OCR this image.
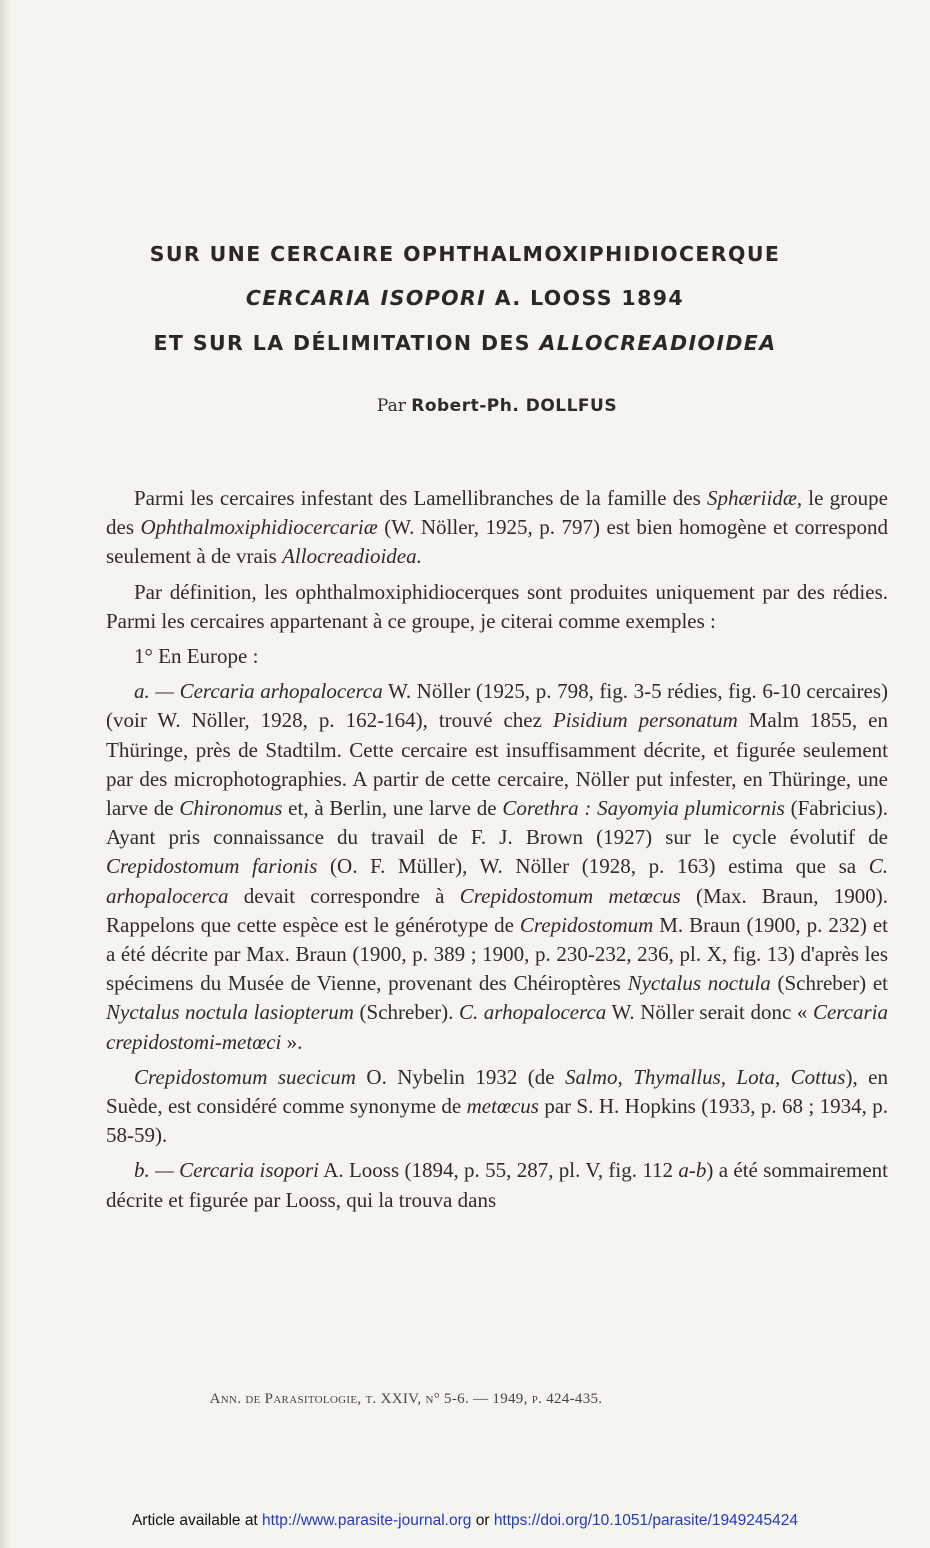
SUR UNE CERCAIRE OPHTHALMOXIPHIDIOCERQUE
CERCARIA ISOPORI A. LOOSS 1894
ET SUR LA DÉLIMITATION DES ALLOCREADIOIDEA
Par Robert-Ph. DOLLFUS

Parmi les cercaires infestant des Lamellibranches de la famille des Sphæriidæ, le groupe des Ophthalmoxiphidiocercariæ (W. Nöller, 1925, p. 797) est bien homogène et correspond seulement à de vrais Allocreadioidea.

Par définition, les ophthalmoxiphidiocerques sont produites uniquement par des rédies. Parmi les cercaires appartenant à ce groupe, je citerai comme exemples :

1° En Europe :

a. — Cercaria arhopalocerca W. Nöller (1925, p. 798, fig. 3-5 rédies, fig. 6-10 cercaires) (voir W. Nöller, 1928, p. 162-164), trouvé chez Pisidium personatum Malm 1855, en Thüringe, près de Stadtilm. Cette cercaire est insuffisamment décrite, et figurée seulement par des microphotographies. A partir de cette cercaire, Nöller put infester, en Thüringe, une larve de Chironomus et, à Berlin, une larve de Corethra : Sayomyia plumicornis (Fabricius). Ayant pris connaissance du travail de F. J. Brown (1927) sur le cycle évolutif de Crepidostomum farionis (O. F. Müller), W. Nöller (1928, p. 163) estima que sa C. arhopalocerca devait correspondre à Crepidostomum metœcus (Max. Braun, 1900). Rappelons que cette espèce est le générotype de Crepidostomum M. Braun (1900, p. 232) et a été décrite par Max. Braun (1900, p. 389 ; 1900, p. 230-232, 236, pl. X, fig. 13) d'après les spécimens du Musée de Vienne, provenant des Chéiroptères Nyctalus noctula (Schreber) et Nyctalus noctula lasiopterum (Schreber). C. arhopalocerca W. Nöller serait donc « Cercaria crepidostomi-metœci ».

Crepidostomum suecicum O. Nybelin 1932 (de Salmo, Thymallus, Lota, Cottus), en Suède, est considéré comme synonyme de metœcus par S. H. Hopkins (1933, p. 68 ; 1934, p. 58-59).

b. — Cercaria isopori A. Looss (1894, p. 55, 287, pl. V, fig. 112 a-b) a été sommairement décrite et figurée par Looss, qui la trouva dans

Ann. de Parasitologie, t. XXIV, n° 5-6. — 1949, p. 424-435.
Article available at http://www.parasite-journal.org or https://doi.org/10.1051/parasite/1949245424
